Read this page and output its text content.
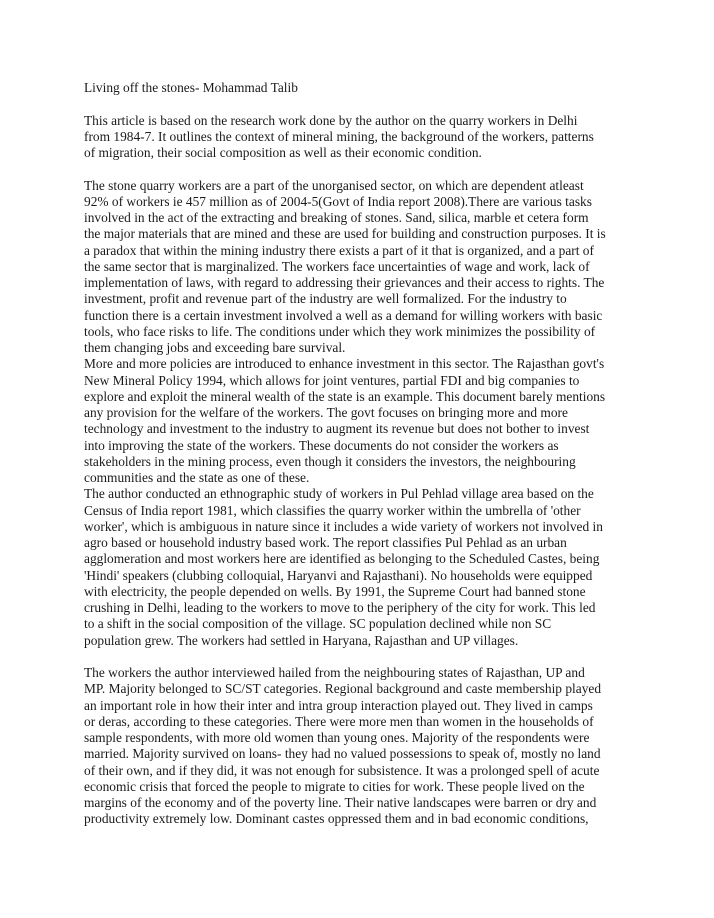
Living off the stones- Mohammad Talib

This article is based on the research work done by the author on the quarry workers in Delhi
from 1984-7. It outlines the context of mineral mining, the background of the workers, patterns
of migration, their social composition as well as their economic condition.

The stone quarry workers are a part of the unorganised sector, on which are dependent atleast
92% of workers ie 457 million as of 2004-5(Govt of India report 2008).There are various tasks
involved in the act of the extracting and breaking of stones. Sand, silica, marble et cetera form
the major materials that are mined and these are used for building and construction purposes. It is
a paradox that within the mining industry there exists a part of it that is organized, and a part of
the same sector that is marginalized. The workers face uncertainties of wage and work, lack of
implementation of laws, with regard to addressing their grievances and their access to rights. The
investment, profit and revenue part of the industry are well formalized. For the industry to
function there is a certain investment involved a well as a demand for willing workers with basic
tools, who face risks to life. The conditions under which they work minimizes the possibility of
them changing jobs and exceeding bare survival.

More and more policies are introduced to enhance investment in this sector. The Rajasthan govt's
New Mineral Policy 1994, which allows for joint ventures, partial FDI and big companies to
explore and exploit the mineral wealth of the state is an example. This document barely mentions
any provision for the welfare of the workers. The govt focuses on bringing more and more
technology and investment to the industry to augment its revenue but does not bother to invest
into improving the state of the workers. These documents do not consider the workers as
stakeholders in the mining process, even though it considers the investors, the neighbouring
communities and the state as one of these.

The author conducted an ethnographic study of workers in Pul Pehlad village area based on the
Census of India report 1981, which classifies the quarry worker within the umbrella of 'other
worker', which is ambiguous in nature since it includes a wide variety of workers not involved in
agro based or household industry based work. The report classifies Pul Pehlad as an urban
agglomeration and most workers here are identified as belonging to the Scheduled Castes, being
'Hindi' speakers (clubbing colloquial, Haryanvi and Rajasthani). No households were equipped
with electricity, the people depended on wells. By 1991, the Supreme Court had banned stone
crushing in Delhi, leading to the workers to move to the periphery of the city for work. This led
to a shift in the social composition of the village. SC population declined while non SC
population grew. The workers had settled in Haryana, Rajasthan and UP villages.

The workers the author interviewed hailed from the neighbouring states of Rajasthan, UP and
MP. Majority belonged to SC/ST categories. Regional background and caste membership played
an important role in how their inter and intra group interaction played out. They lived in camps
or deras, according to these categories. There were more men than women in the households of
sample respondents, with more old women than young ones. Majority of the respondents were
married. Majority survived on loans- they had no valued possessions to speak of, mostly no land
of their own, and if they did, it was not enough for subsistence. It was a prolonged spell of acute
economic crisis that forced the people to migrate to cities for work. These people lived on the
margins of the economy and of the poverty line. Their native landscapes were barren or dry and
productivity extremely low. Dominant castes oppressed them and in bad economic conditions,
